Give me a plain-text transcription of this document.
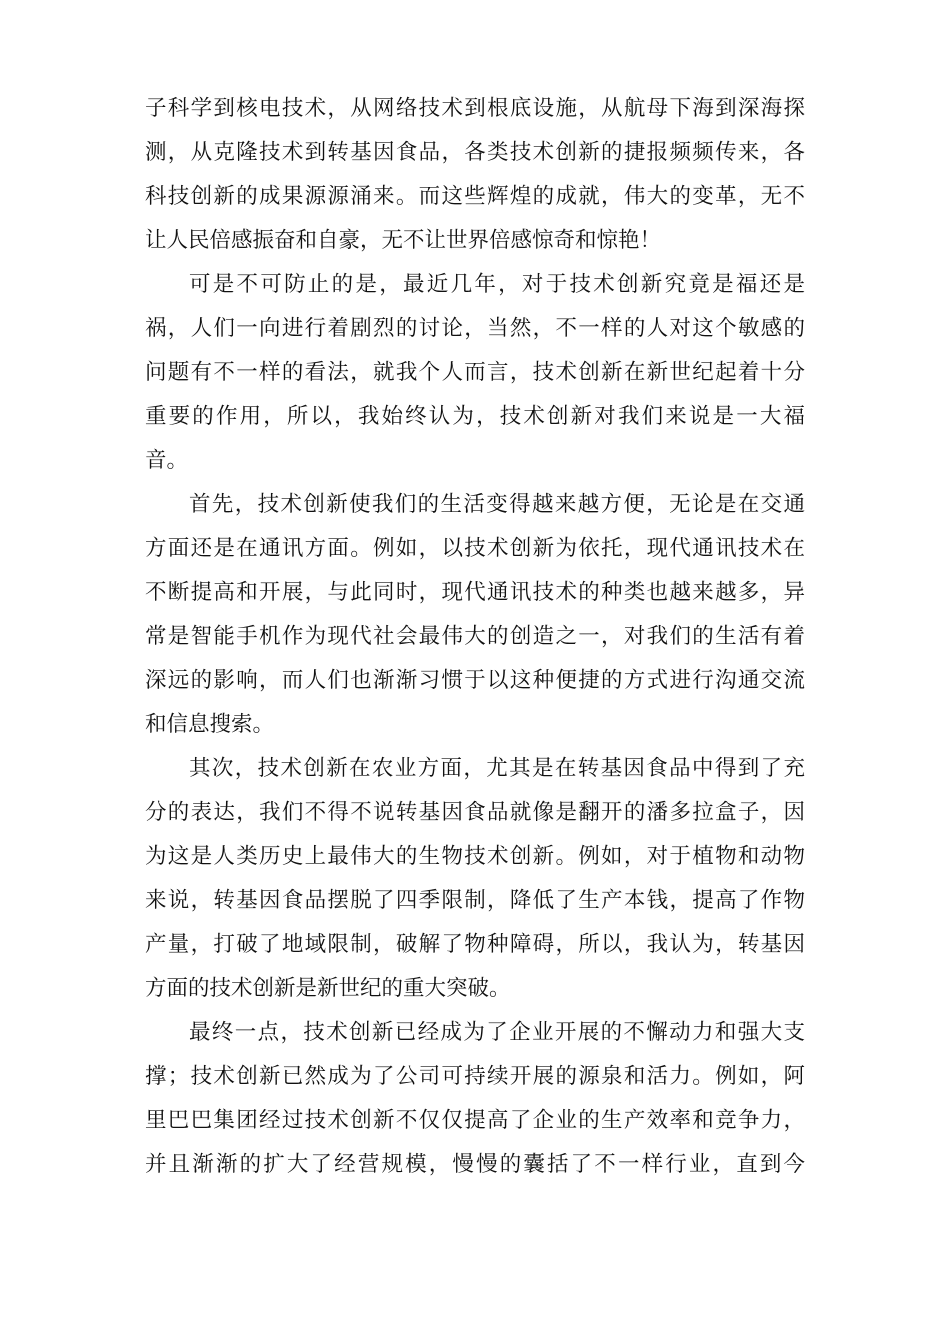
子科学到核电技术，从网络技术到根底设施，从航母下海到深海探
测，从克隆技术到转基因食品，各类技术创新的捷报频频传来，各
科技创新的成果源源涌来。而这些辉煌的成就，伟大的变革，无不
让人民倍感振奋和自豪，无不让世界倍感惊奇和惊艳！
可是不可防止的是，最近几年，对于技术创新究竟是福还是
祸，人们一向进行着剧烈的讨论，当然，不一样的人对这个敏感的
问题有不一样的看法，就我个人而言，技术创新在新世纪起着十分
重要的作用，所以，我始终认为，技术创新对我们来说是一大福
音。
首先，技术创新使我们的生活变得越来越方便，无论是在交通
方面还是在通讯方面。例如，以技术创新为依托，现代通讯技术在
不断提高和开展，与此同时，现代通讯技术的种类也越来越多，异
常是智能手机作为现代社会最伟大的创造之一，对我们的生活有着
深远的影响，而人们也渐渐习惯于以这种便捷的方式进行沟通交流
和信息搜索。
其次，技术创新在农业方面，尤其是在转基因食品中得到了充
分的表达，我们不得不说转基因食品就像是翻开的潘多拉盒子，因
为这是人类历史上最伟大的生物技术创新。例如，对于植物和动物
来说，转基因食品摆脱了四季限制，降低了生产本钱，提高了作物
产量，打破了地域限制，破解了物种障碍，所以，我认为，转基因
方面的技术创新是新世纪的重大突破。
最终一点，技术创新已经成为了企业开展的不懈动力和强大支
撑；技术创新已然成为了公司可持续开展的源泉和活力。例如，阿
里巴巴集团经过技术创新不仅仅提高了企业的生产效率和竞争力，
并且渐渐的扩大了经营规模，慢慢的囊括了不一样行业，直到今
